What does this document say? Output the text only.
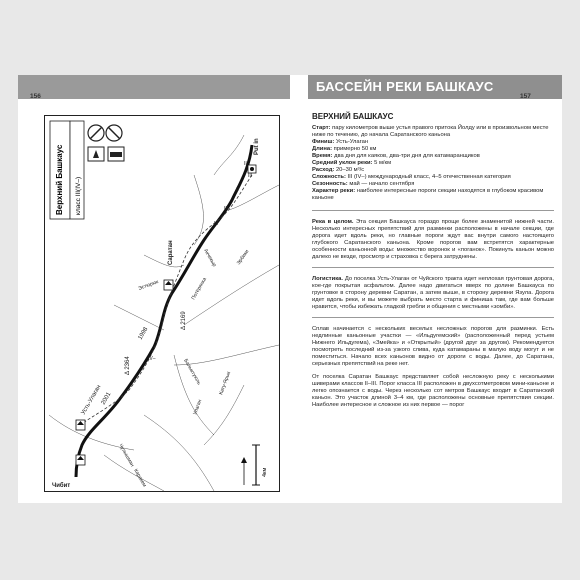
БАССЕЙН РЕКИ БАШКАУС
156	157
Верхний Башкаус класс III(IV–)
Put in
Саратан
Усть-Улаган
Чибит
Δ 2364
Δ 2169
1998
2001
III
II
IV–
III
II
III
Эстюрюк
Акчекыр	Эрбики
Балыктуюль	Кату-Ярык
Чулышман
Каракем
Улаган
Потёрянка
4км
ВЕРХНИЙ БАШКАУС

Старт: пару километров выше устья правого притока Йолду или в произвольном месте ниже по течению, до начала Саратанского каньона

Финиш: Усть-Улаган

Длина: примерно 50 км

Время: два дня для каяков, два-три дня для катамаранщиков

Средний уклон реки: 5 м/км

Расход: 20–30 м³/с

Сложность: III (IV–) международный класс, 4–5 отечественная категория

Сезонность: май — начало сентября

Характер реки: наиболее интересные пороги секции находятся в глубоком красивом каньоне

Река в целом. Эта секция Башкауса гораздо проще более знаменитой нижней части. Несколько интересных препятствий для разминки расположены в начале секции, где дорога идет вдоль реки, но главные пороги ждут вас внутри самого настоящего глубокого Саратанского каньона. Кроме порогов вам встретятся характерные особенности каньонной воды: множество воронок и «поганок». Покинуть каньон можно далеко не везде, просмотр и страховка с берега затруднены.

Логистика. До поселка Усть-Улаган от Чуйского тракта идет неплохая грунтовая дорога, кое-где покрытая асфальтом. Далее надо двигаться вверх по долине Башкауса по грунтовке в сторону деревни Саратан, а затем выше, в сторону деревни Язула. Дорога идет вдоль реки, и вы можете выбрать место старта и финиша там, где вам больше нравится, чтобы избежать гладкой гребли и общения с местными «зомби».

Сплав начинается с нескольких веселых несложных порогов для разминки. Есть недлинные каньонные участки — «Ильдугемский» (расположенный перед устьем Нижнего Ильдугема), «Змейка» и «Открытый» (другой друг за другом). Рекомендуется посмотреть последний из-за узкого слива, куда катамараны в малую воду могут и не поместиться. Начало всех каньонов видно от дороги с воды. Далее, до Саратана, серьезных препятствий на реке нет.

От поселка Саратан Башкаус представляет собой несложную реку с несколькими шиверами классов II–III. Порог класса III расположен в двухсотметровом мини-каньоне и легко опознается с воды. Через несколько сот метров Башкаус входит в Саратанский каньон. Это участок длиной 3–4 км, где расположены основные препятствия секции. Наиболее интересное и сложное из них первое — порог
